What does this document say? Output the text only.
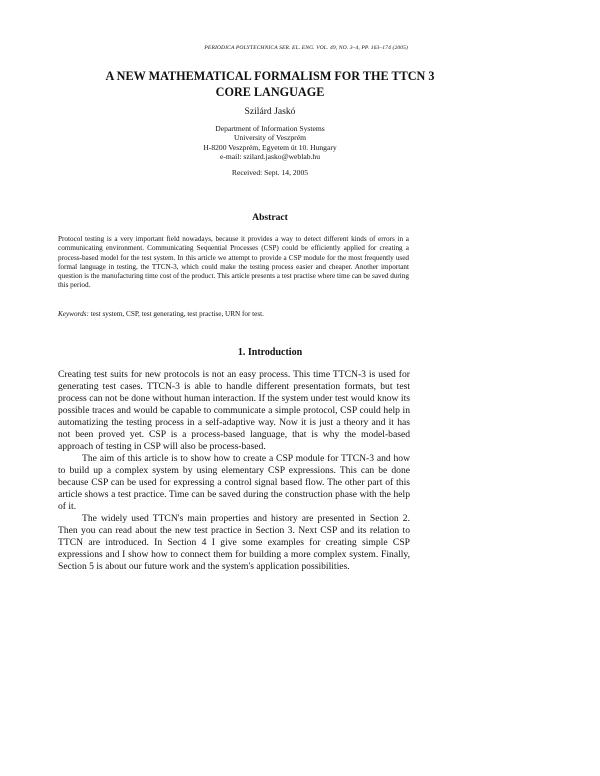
PERIODICA POLYTECHNICA SER. EL. ENG. VOL. 49, NO. 3–4, PP. 163–174 (2005)
A NEW MATHEMATICAL FORMALISM FOR THE TTCN 3
CORE LANGUAGE
Szilárd Jaskó
Department of Information Systems
University of Veszprém
H-8200 Veszprém, Egyetem út 10. Hungary
e-mail: szilard.jasko@weblab.hu
Received: Sept. 14, 2005
Abstract
Protocol testing is a very important field nowadays, because it provides a way to detect different kinds of errors in a communicating environment. Communicating Sequential Processes (CSP) could be efficiently applied for creating a process-based model for the test system. In this article we attempt to provide a CSP module for the most frequently used formal language in testing, the TTCN-3, which could make the testing process easier and cheaper. Another important question is the manufacturing time cost of the product. This article presents a test practise where time can be saved during this period.
Keywords: test system, CSP, test generating, test practise, URN for test.
1. Introduction

Creating test suits for new protocols is not an easy process. This time TTCN-3 is used for generating test cases. TTCN-3 is able to handle different presentation formats, but test process can not be done without human interaction. If the system under test would know its possible traces and would be capable to communicate a simple protocol, CSP could help in automatizing the testing process in a self-adaptive way. Now it is just a theory and it has not been proved yet. CSP is a process-based language, that is why the model-based approach of testing in CSP will also be process-based.

The aim of this article is to show how to create a CSP module for TTCN-3 and how to build up a complex system by using elementary CSP expressions. This can be done because CSP can be used for expressing a control signal based flow. The other part of this article shows a test practice. Time can be saved during the construction phase with the help of it.

The widely used TTCN's main properties and history are presented in Section 2. Then you can read about the new test practice in Section 3. Next CSP and its relation to TTCN are introduced. In Section 4 I give some examples for creating simple CSP expressions and I show how to connect them for building a more complex system. Finally, Section 5 is about our future work and the system's application possibilities.
